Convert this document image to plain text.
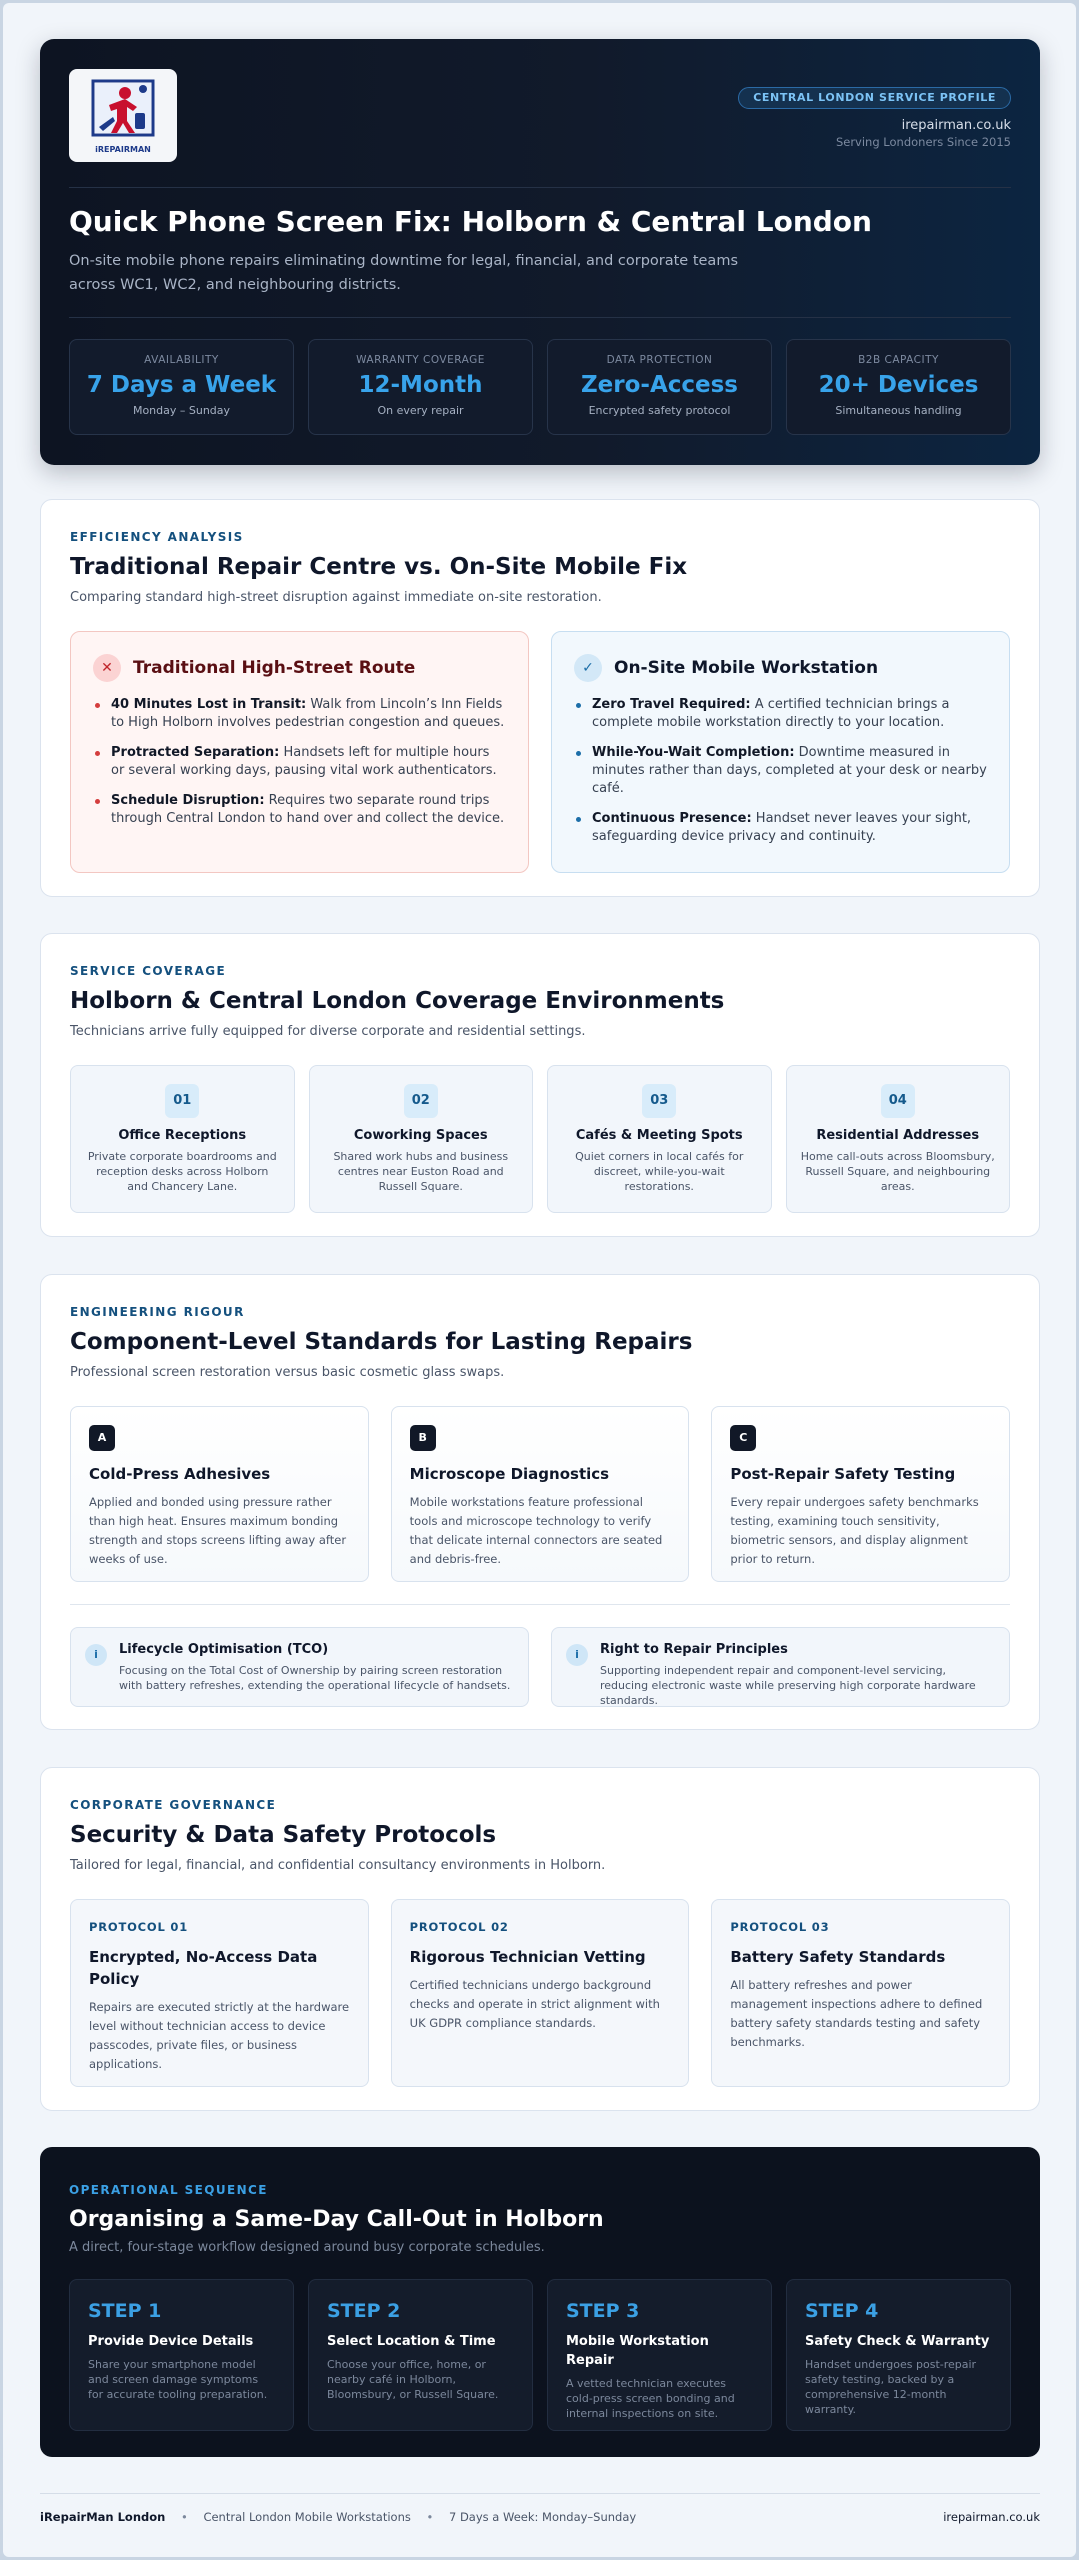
iREPAIRMAN
CENTRAL LONDON SERVICE PROFILE
irepairman.co.uk
Serving Londoners Since 2015
Quick Phone Screen Fix: Holborn & Central London

On-site mobile phone repairs eliminating downtime for legal, financial, and corporate teams across WC1, WC2, and neighbouring districts.

AVAILABILITY
7 Days a Week
Monday – Sunday
WARRANTY COVERAGE
12-Month
On every repair
DATA PROTECTION
Zero-Access
Encrypted safety protocol
B2B CAPACITY
20+ Devices
Simultaneous handling
EFFICIENCY ANALYSIS
Traditional Repair Centre vs. On-Site Mobile Fix

Comparing standard high-street disruption against immediate on-site restoration.

✕	Traditional High-Street Route
40 Minutes Lost in Transit: Walk from Lincoln’s Inn Fields to High Holborn involves pedestrian congestion and queues.
Protracted Separation: Handsets left for multiple hours or several working days, pausing vital work authenticators.
Schedule Disruption: Requires two separate round trips through Central London to hand over and collect the device.
✓	On-Site Mobile Workstation
Zero Travel Required: A certified technician brings a complete mobile workstation directly to your location.
While-You-Wait Completion: Downtime measured in minutes rather than days, completed at your desk or nearby café.
Continuous Presence: Handset never leaves your sight, safeguarding device privacy and continuity.
SERVICE COVERAGE
Holborn & Central London Coverage Environments

Technicians arrive fully equipped for diverse corporate and residential settings.

01
Office Receptions
Private corporate boardrooms and reception desks across Holborn and Chancery Lane.
02
Coworking Spaces
Shared work hubs and business centres near Euston Road and Russell Square.
03
Cafés & Meeting Spots
Quiet corners in local cafés for discreet, while-you-wait restorations.
04
Residential Addresses
Home call-outs across Bloomsbury, Russell Square, and neighbouring areas.
ENGINEERING RIGOUR
Component-Level Standards for Lasting Repairs

Professional screen restoration versus basic cosmetic glass swaps.

A
Cold-Press Adhesives
Applied and bonded using pressure rather than high heat. Ensures maximum bonding strength and stops screens lifting away after weeks of use.
B
Microscope Diagnostics
Mobile workstations feature professional tools and microscope technology to verify that delicate internal connectors are seated and debris-free.
C
Post-Repair Safety Testing
Every repair undergoes safety benchmarks testing, examining touch sensitivity, biometric sensors, and display alignment prior to return.
i	Lifecycle Optimisation (TCO)
Focusing on the Total Cost of Ownership by pairing screen restoration with battery refreshes, extending the operational lifecycle of handsets.
i	Right to Repair Principles
Supporting independent repair and component-level servicing, reducing electronic waste while preserving high corporate hardware standards.
CORPORATE GOVERNANCE
Security & Data Safety Protocols

Tailored for legal, financial, and confidential consultancy environments in Holborn.

PROTOCOL 01
Encrypted, No-Access Data Policy
Repairs are executed strictly at the hardware level without technician access to device passcodes, private files, or business applications.
PROTOCOL 02
Rigorous Technician Vetting
Certified technicians undergo background checks and operate in strict alignment with UK GDPR compliance standards.
PROTOCOL 03
Battery Safety Standards
All battery refreshes and power management inspections adhere to defined battery safety standards testing and safety benchmarks.
OPERATIONAL SEQUENCE
Organising a Same-Day Call-Out in Holborn

A direct, four-stage workflow designed around busy corporate schedules.

STEP 1
Provide Device Details
Share your smartphone model and screen damage symptoms for accurate tooling preparation.
STEP 2
Select Location & Time
Choose your office, home, or nearby café in Holborn, Bloomsbury, or Russell Square.
STEP 3
Mobile Workstation Repair
A vetted technician executes cold-press screen bonding and internal inspections on site.
STEP 4
Safety Check & Warranty
Handset undergoes post-repair safety testing, backed by a comprehensive 12-month warranty.
iRepairMan London • Central London Mobile Workstations • 7 Days a Week: Monday–Sunday	irepairman.co.uk
